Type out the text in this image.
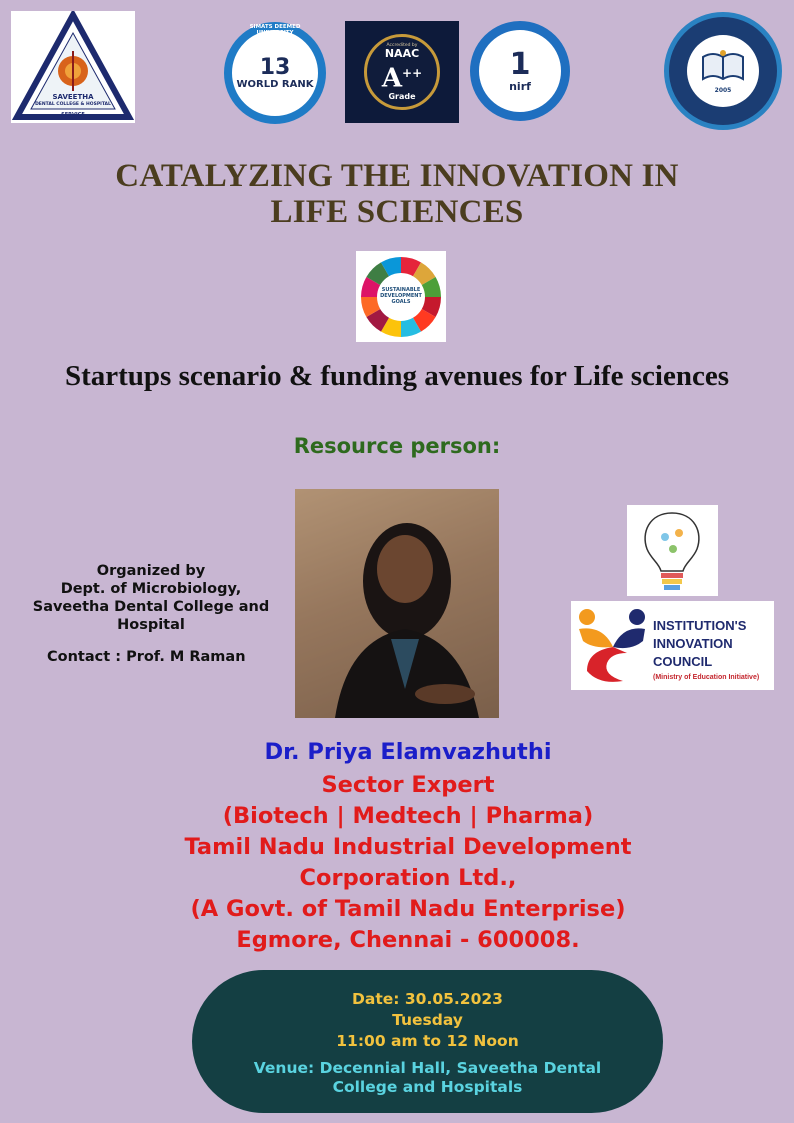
SAVEETHA
DENTAL COLLEGE & HOSPITAL
SERVICE
SIMATS DEEMED UNIVERSITY
13
WORLD RANK
Accredited by
NAAC
A++
Grade
1
nirf	2005
CATALYZING THE INNOVATION IN
LIFE SCIENCES
SUSTAINABLE
DEVELOPMENT
GOALS
Startups scenario & funding avenues for Life sciences
Resource person:
Organized by
Dept. of Microbiology,
Saveetha Dental College and
Hospital
Contact : Prof. M Raman
INSTITUTION'S
INNOVATION
COUNCIL
(Ministry of Education Initiative)
Dr. Priya Elamvazhuthi
Sector Expert
(Biotech | Medtech | Pharma)
Tamil Nadu Industrial Development
Corporation Ltd.,
(A Govt. of Tamil Nadu Enterprise)
Egmore, Chennai - 600008.
Date: 30.05.2023
Tuesday
11:00 am to 12 Noon
Venue: Decennial Hall, Saveetha Dental
College and Hospitals
